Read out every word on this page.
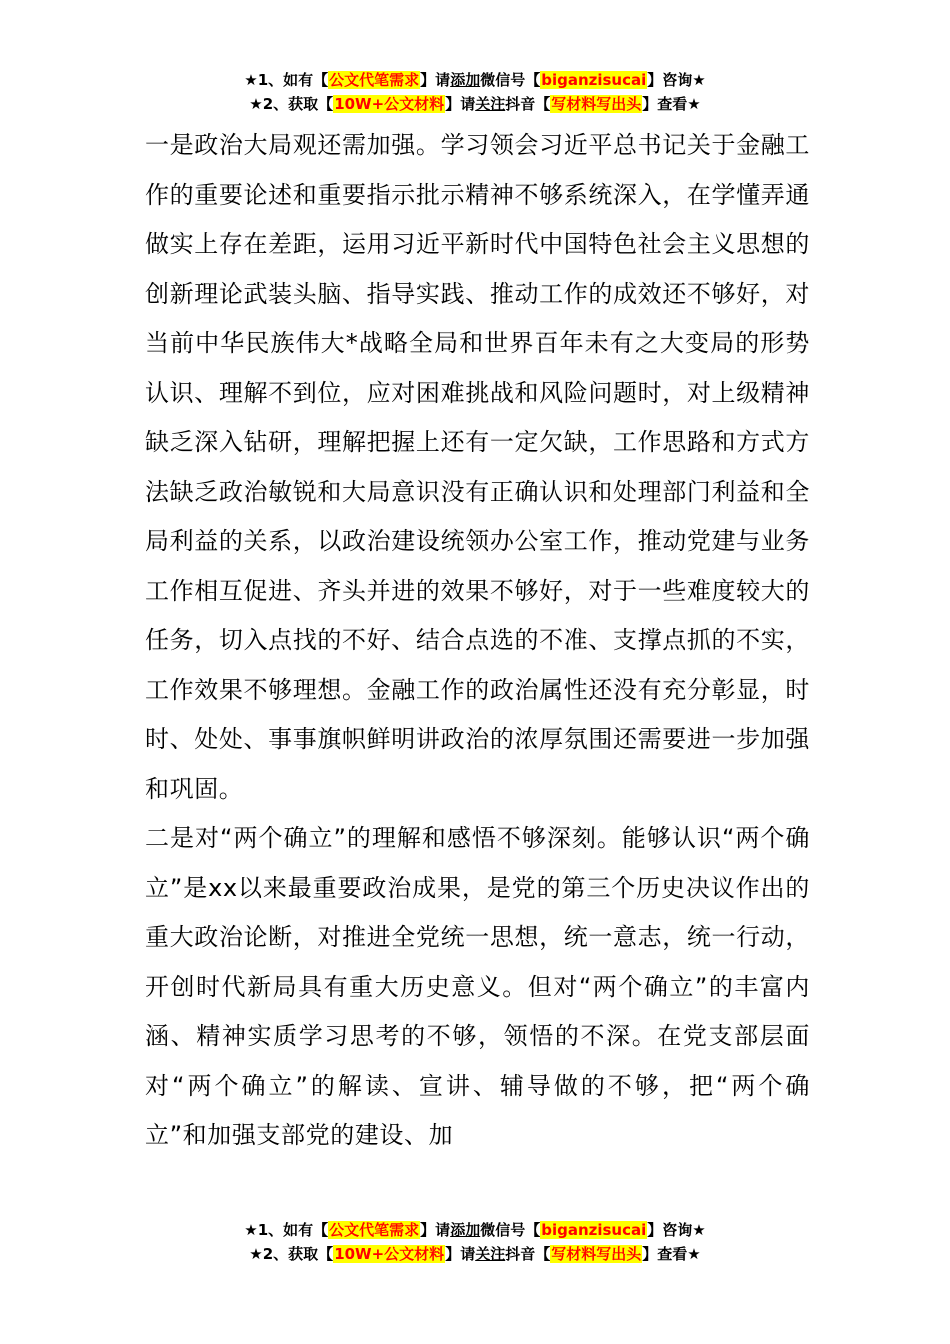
★1、如有【公文代笔需求】请添加微信号【biganzisucai】咨询★
★2、获取【10W+公文材料】请关注抖音【写材料写出头】查看★

一是政治大局观还需加强。学习领会习近平总书记关于金融工作的重要论述和重要指示批示精神不够系统深入，在学懂弄通做实上存在差距，运用习近平新时代中国特色社会主义思想的创新理论武装头脑、指导实践、推动工作的成效还不够好，对当前中华民族伟大*战略全局和世界百年未有之大变局的形势认识、理解不到位，应对困难挑战和风险问题时，对上级精神缺乏深入钻研，理解把握上还有一定欠缺，工作思路和方式方法缺乏政治敏锐和大局意识没有正确认识和处理部门利益和全局利益的关系，以政治建设统领办公室工作，推动党建与业务工作相互促进、齐头并进的效果不够好，对于一些难度较大的任务，切入点找的不好、结合点选的不准、支撑点抓的不实，工作效果不够理想。金融工作的政治属性还没有充分彰显，时时、处处、事事旗帜鲜明讲政治的浓厚氛围还需要进一步加强和巩固。

二是对“两个确立”的理解和感悟不够深刻。能够认识“两个确立”是xx以来最重要政治成果，是党的第三个历史决议作出的重大政治论断，对推进全党统一思想，统一意志，统一行动，开创时代新局具有重大历史意义。但对“两个确立”的丰富内涵、精神实质学习思考的不够，领悟的不深。在党支部层面对“两个确立”的解读、宣讲、辅导做的不够，把“两个确立”和加强支部党的建设、加

★1、如有【公文代笔需求】请添加微信号【biganzisucai】咨询★
★2、获取【10W+公文材料】请关注抖音【写材料写出头】查看★
